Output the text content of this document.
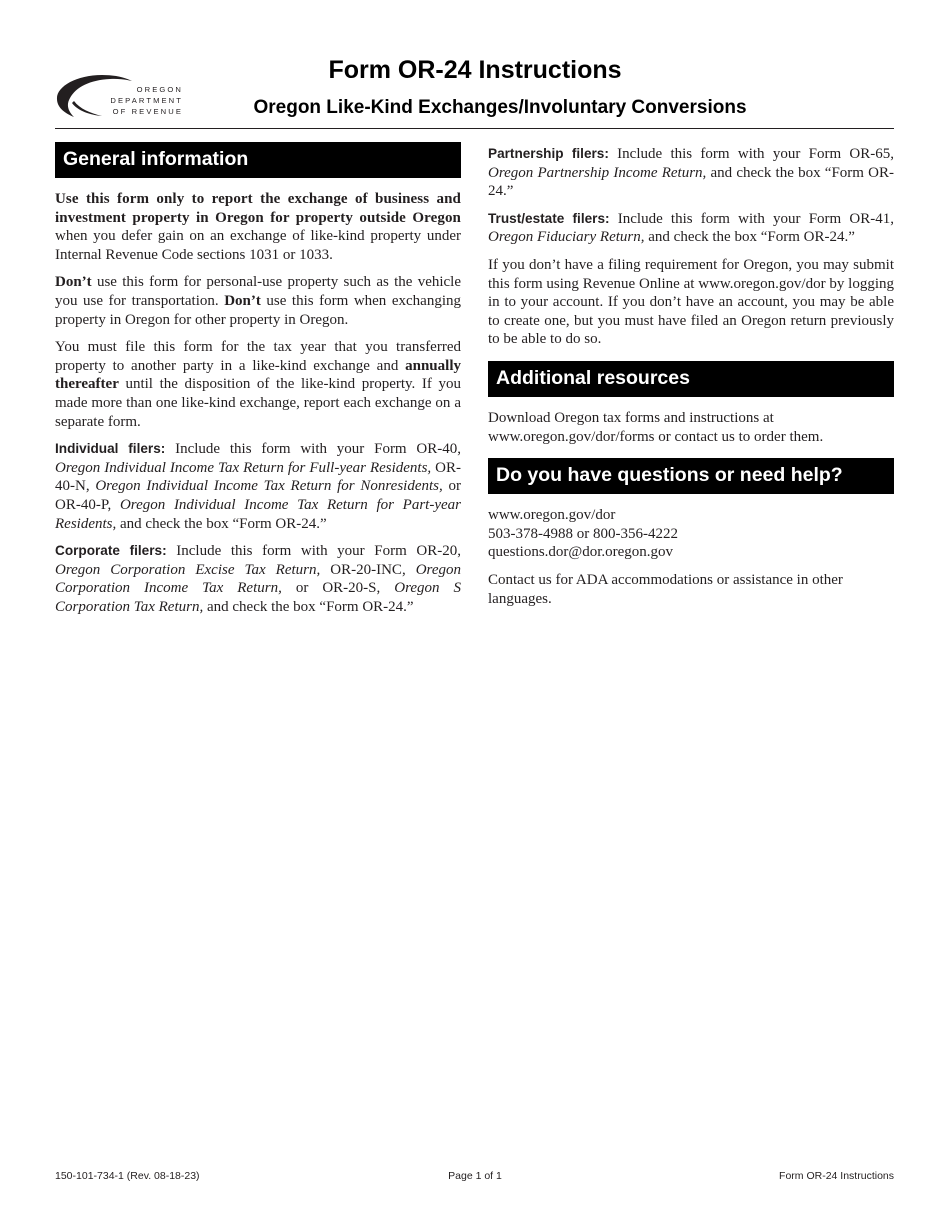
OREGON
DEPARTMENT
OF REVENUE
Form OR-24 Instructions
Oregon Like-Kind Exchanges/Involuntary Conversions
General information

Use this form only to report the exchange of business and investment property in Oregon for property outside Oregon when you defer gain on an exchange of like-kind property under Internal Revenue Code sections 1031 or 1033.

Don’t use this form for personal-use property such as the vehicle you use for transportation. Don’t use this form when exchanging property in Oregon for other property in Oregon.

You must file this form for the tax year that you transferred property to another party in a like-kind exchange and annually thereafter until the disposition of the like-kind property. If you made more than one like-kind exchange, report each exchange on a separate form.

Individual filers: Include this form with your Form OR-40, Oregon Individual Income Tax Return for Full-year Residents, OR-40-N, Oregon Individual Income Tax Return for Nonresidents, or OR-40-P, Oregon Individual Income Tax Return for Part-year Residents, and check the box “Form OR-24.”

Corporate filers: Include this form with your Form OR-20, Oregon Corporation Excise Tax Return, OR-20-INC, Oregon Corporation Income Tax Return, or OR-20-S, Oregon S Corporation Tax Return, and check the box “Form OR-24.”

Partnership filers: Include this form with your Form OR-65, Oregon Partnership Income Return, and check the box “Form OR-24.”

Trust/estate filers: Include this form with your Form OR-41, Oregon Fiduciary Return, and check the box “Form OR-24.”

If you don’t have a filing requirement for Oregon, you may submit this form using Revenue Online at www.oregon.gov/dor by logging in to your account. If you don’t have an account, you may be able to create one, but you must have filed an Oregon return previously to be able to do so.

Additional resources

Download Oregon tax forms and instructions at www.oregon.gov/dor/forms or contact us to order them.

Do you have questions or need help?

www.oregon.gov/dor
503-378-4988 or 800-356-4222
questions.dor@dor.oregon.gov

Contact us for ADA accommodations or assistance in other languages.

150-101-734-1 (Rev. 08-18-23)	Page 1 of 1	Form OR-24 Instructions
